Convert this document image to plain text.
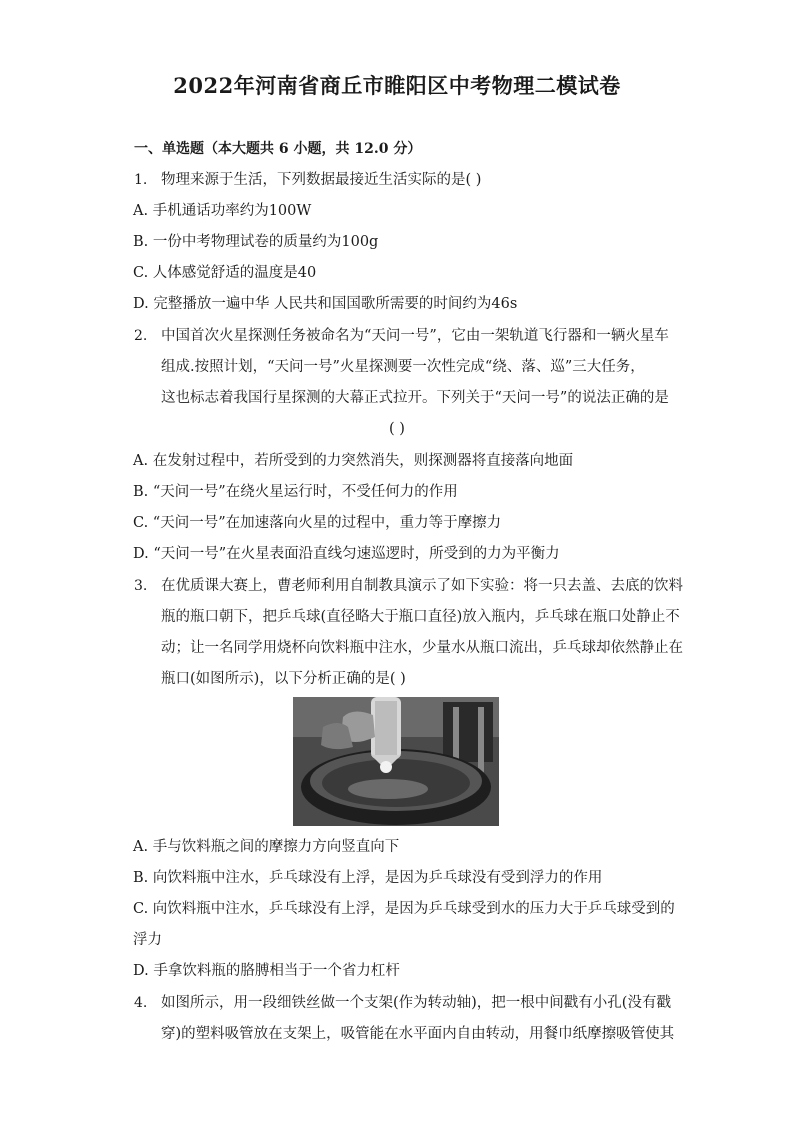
2022年河南省商丘市睢阳区中考物理二模试卷
一、单选题（本大题共 6 小题，共 12.0 分）
1. 物理来源于生活，下列数据最接近生活实际的是( )
A. 手机通话功率约为100W
B. 一份中考物理试卷的质量约为100g
C. 人体感觉舒适的温度是40
D. 完整播放一遍中华 人民共和国国歌所需要的时间约为46s
2. 中国首次火星探测任务被命名为“天问一号”，它由一架轨道飞行器和一辆火星车
组成.按照计划，“天问一号”火星探测要一次性完成“绕、落、巡”三大任务，
这也标志着我国行星探测的大幕正式拉开。下列关于“天问一号”的说法正确的是
( )
A. 在发射过程中，若所受到的力突然消失，则探测器将直接落向地面
B. “天问一号”在绕火星运行时，不受任何力的作用
C. “天问一号”在加速落向火星的过程中，重力等于摩擦力
D. “天问一号”在火星表面沿直线匀速巡逻时，所受到的力为平衡力
3. 在优质课大赛上，曹老师利用自制教具演示了如下实验：将一只去盖、去底的饮料
瓶的瓶口朝下，把乒乓球(直径略大于瓶口直径)放入瓶内，乒乓球在瓶口处静止不
动；让一名同学用烧杯向饮料瓶中注水，少量水从瓶口流出，乒乓球却依然静止在
瓶口(如图所示)，以下分析正确的是( )
A. 手与饮料瓶之间的摩擦力方向竖直向下
B. 向饮料瓶中注水，乒乓球没有上浮，是因为乒乓球没有受到浮力的作用
C. 向饮料瓶中注水，乒乓球没有上浮，是因为乒乓球受到水的压力大于乒乓球受到的
浮力
D. 手拿饮料瓶的胳膊相当于一个省力杠杆
4. 如图所示，用一段细铁丝做一个支架(作为转动轴)，把一根中间戳有小孔(没有戳
穿)的塑料吸管放在支架上，吸管能在水平面内自由转动，用餐巾纸摩擦吸管使其
